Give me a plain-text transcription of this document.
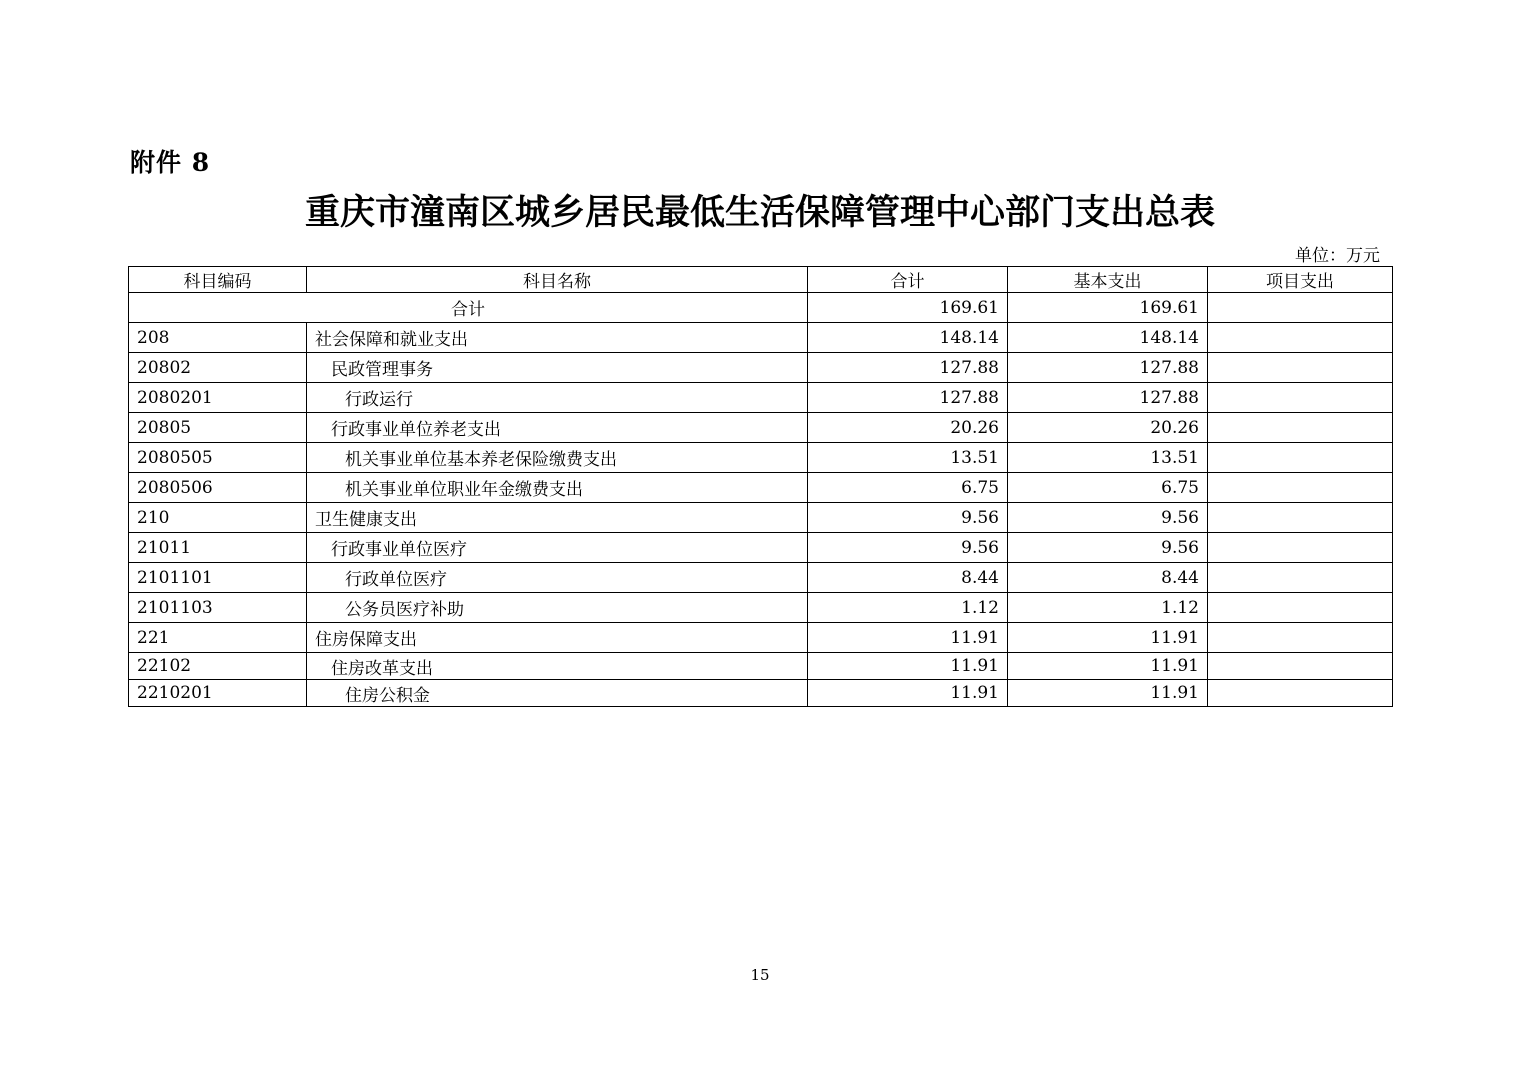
附件 8
重庆市潼南区城乡居民最低生活保障管理中心部门支出总表
单位：万元
科目编码	科目名称	合计	基本支出	项目支出
合计		169.61	169.61	
208	社会保障和就业支出	148.14	148.14	
20802	民政管理事务	127.88	127.88	
2080201	行政运行	127.88	127.88	
20805	行政事业单位养老支出	20.26	20.26	
2080505	机关事业单位基本养老保险缴费支出	13.51	13.51	
2080506	机关事业单位职业年金缴费支出	6.75	6.75	
210	卫生健康支出	9.56	9.56	
21011	行政事业单位医疗	9.56	9.56	
2101101	行政单位医疗	8.44	8.44	
2101103	公务员医疗补助	1.12	1.12	
221	住房保障支出	11.91	11.91	
22102	住房改革支出	11.91	11.91	
2210201	住房公积金	11.91	11.91	
15
